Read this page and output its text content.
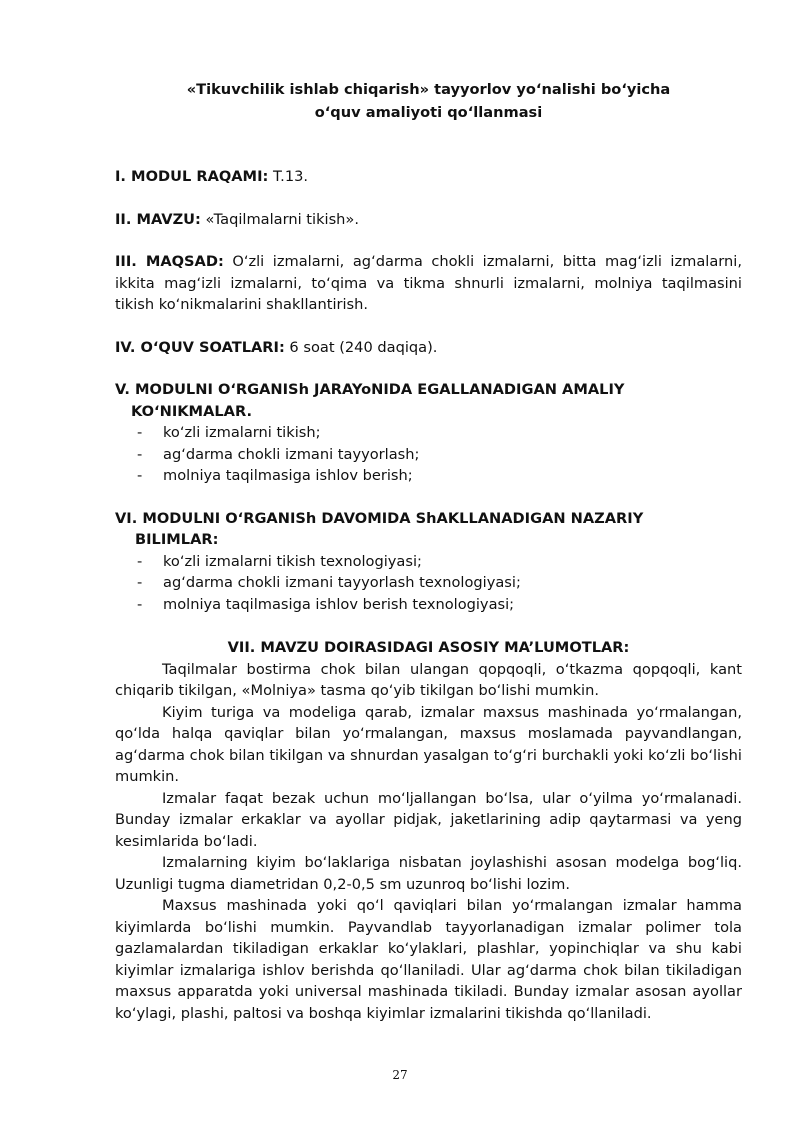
«Tikuvchilik ishlab chiqarish» tayyorlov yo‘nalishi bo‘yicha
o‘quv amaliyoti qo‘llanmasi

I. MODUL RAQAMI: T.13.

II. MAVZU: «Taqilmalarni tikish».

III. MAQSAD: O‘zli izmalarni, ag‘darma chokli izmalarni, bitta mag‘izli izmalarni, ikkita mag‘izli izmalarni, to‘qima va tikma shnurli izmalarni, molniya taqilmasini tikish ko‘nikmalarini shakllantirish.

IV. O‘QUV SOATLARI: 6 soat (240 daqiqa).

V. MODULNI O‘RGANISh JARAYoNIDA EGALLANADIGAN AMALIY
KO‘NIKMALAR.
- ko‘zli izmalarni tikish;
- ag‘darma chokli izmani tayyorlash;
- molniya taqilmasiga ishlov berish;
VI. MODULNI O‘RGANISh DAVOMIDA ShAKLLANADIGAN NAZARIY
BILIMLAR:
- ko‘zli izmalarni tikish texnologiyasi;
- ag‘darma chokli izmani tayyorlash texnologiyasi;
- molniya taqilmasiga ishlov berish texnologiyasi;
VII. MAVZU DOIRASIDAGI ASOSIY MA’LUMOTLAR:

Taqilmalar bostirma chok bilan ulangan qopqoqli, o‘tkazma qopqoqli, kant chiqarib tikilgan, «Molniya» tasma qo‘yib tikilgan bo‘lishi mumkin.

Kiyim turiga va modeliga qarab, izmalar maxsus mashinada yo‘rmalangan, qo‘lda halqa qaviqlar bilan yo‘rmalangan, maxsus moslamada payvandlangan, ag‘darma chok bilan tikilgan va shnurdan yasalgan to‘g‘ri burchakli yoki ko‘zli bo‘lishi mumkin.

Izmalar faqat bezak uchun mo‘ljallangan bo‘lsa, ular o‘yilma yo‘rmalanadi. Bunday izmalar erkaklar va ayollar pidjak, jaketlarining adip qaytarmasi va yeng kesimlarida bo‘ladi.

Izmalarning kiyim bo‘laklariga nisbatan joylashishi asosan modelga bog‘liq. Uzunligi tugma diametridan 0,2-0,5 sm uzunroq bo‘lishi lozim.

Maxsus mashinada yoki qo‘l qaviqlari bilan yo‘rmalangan izmalar hamma kiyimlarda bo‘lishi mumkin. Payvandlab tayyorlanadigan izmalar polimer tola gazlamalardan tikiladigan erkaklar ko‘ylaklari, plashlar, yopinchiqlar va shu kabi kiyimlar izmalariga ishlov berishda qo‘llaniladi. Ular ag‘darma chok bilan tikiladigan maxsus apparatda yoki universal mashinada tikiladi. Bunday izmalar asosan ayollar ko‘ylagi, plashi, paltosi va boshqa kiyimlar izmalarini tikishda qo‘llaniladi.

27
